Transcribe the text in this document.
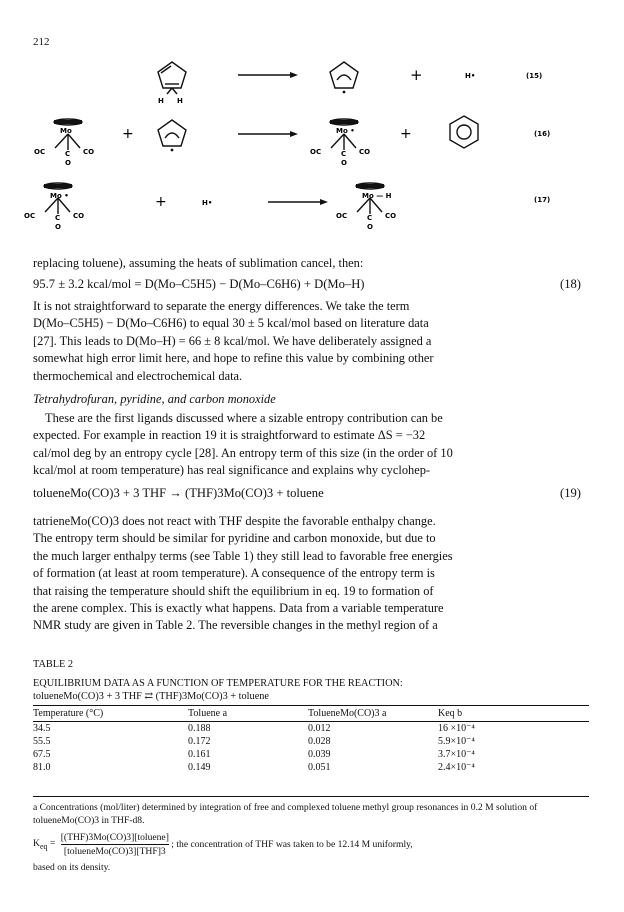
212
+	H•	(15)
H H
Mo	Mo •
OC	CO
C
O
OC	CO
C
O
+	+	(16)
Mo •	Mo — H
OC	CO
C
O
OC	CO
C
O
+	H•	(17)
replacing toluene), assuming the heats of sublimation cancel, then:
95.7 ± 3.2 kcal/mol = D(Mo–C5H5) − D(Mo–C6H6) + D(Mo–H)	(18)
It is not straightforward to separate the energy differences. We take the term
D(Mo–C5H5) − D(Mo–C6H6) to equal 30 ± 5 kcal/mol based on literature data
[27]. This leads to D(Mo–H) = 66 ± 8 kcal/mol. We have deliberately assigned a
somewhat high error limit here, and hope to refine this value by combining other
thermochemical and electrochemical data.
Tetrahydrofuran, pyridine, and carbon monoxide
These are the first ligands discussed where a sizable entropy contribution can be
expected. For example in reaction 19 it is straightforward to estimate ΔS = −32
cal/mol deg by an entropy cycle [28]. An entropy term of this size (in the order of 10
kcal/mol at room temperature) has real significance and explains why cyclohep-
tolueneMo(CO)3 + 3 THF → (THF)3Mo(CO)3 + toluene	(19)
tatrieneMo(CO)3 does not react with THF despite the favorable enthalpy change.
The entropy term should be similar for pyridine and carbon monoxide, but due to
the much larger enthalpy terms (see Table 1) they still lead to favorable free energies
of formation (at least at room temperature). A consequence of the entropy term is
that raising the temperature should shift the equilibrium in eq. 19 to formation of
the arene complex. This is exactly what happens. Data from a variable temperature
NMR study are given in Table 2. The reversible changes in the methyl region of a
TABLE 2
EQUILIBRIUM DATA AS A FUNCTION OF TEMPERATURE FOR THE REACTION:
tolueneMo(CO)3 + 3 THF ⇄ (THF)3Mo(CO)3 + toluene
Temperature (°C)	Toluene a	TolueneMo(CO)3 a	Keq b

34.5	0.188	0.012	16 ×10⁻⁴
55.5	0.172	0.028	5.9×10⁻⁴
67.5	0.161	0.039	3.7×10⁻⁴
81.0	0.149	0.051	2.4×10⁻⁴
a Concentrations (mol/liter) determined by integration of free and complexed toluene methyl group resonances in 0.2 M solution of tolueneMo(CO)3 in THF-d8.
$K_{eq}$ =
[(THF)3Mo(CO)3][toluene]
[tolueneMo(CO)3][THF]3
; the concentration of THF was taken to be 12.14 M uniformly,
based on its density.
